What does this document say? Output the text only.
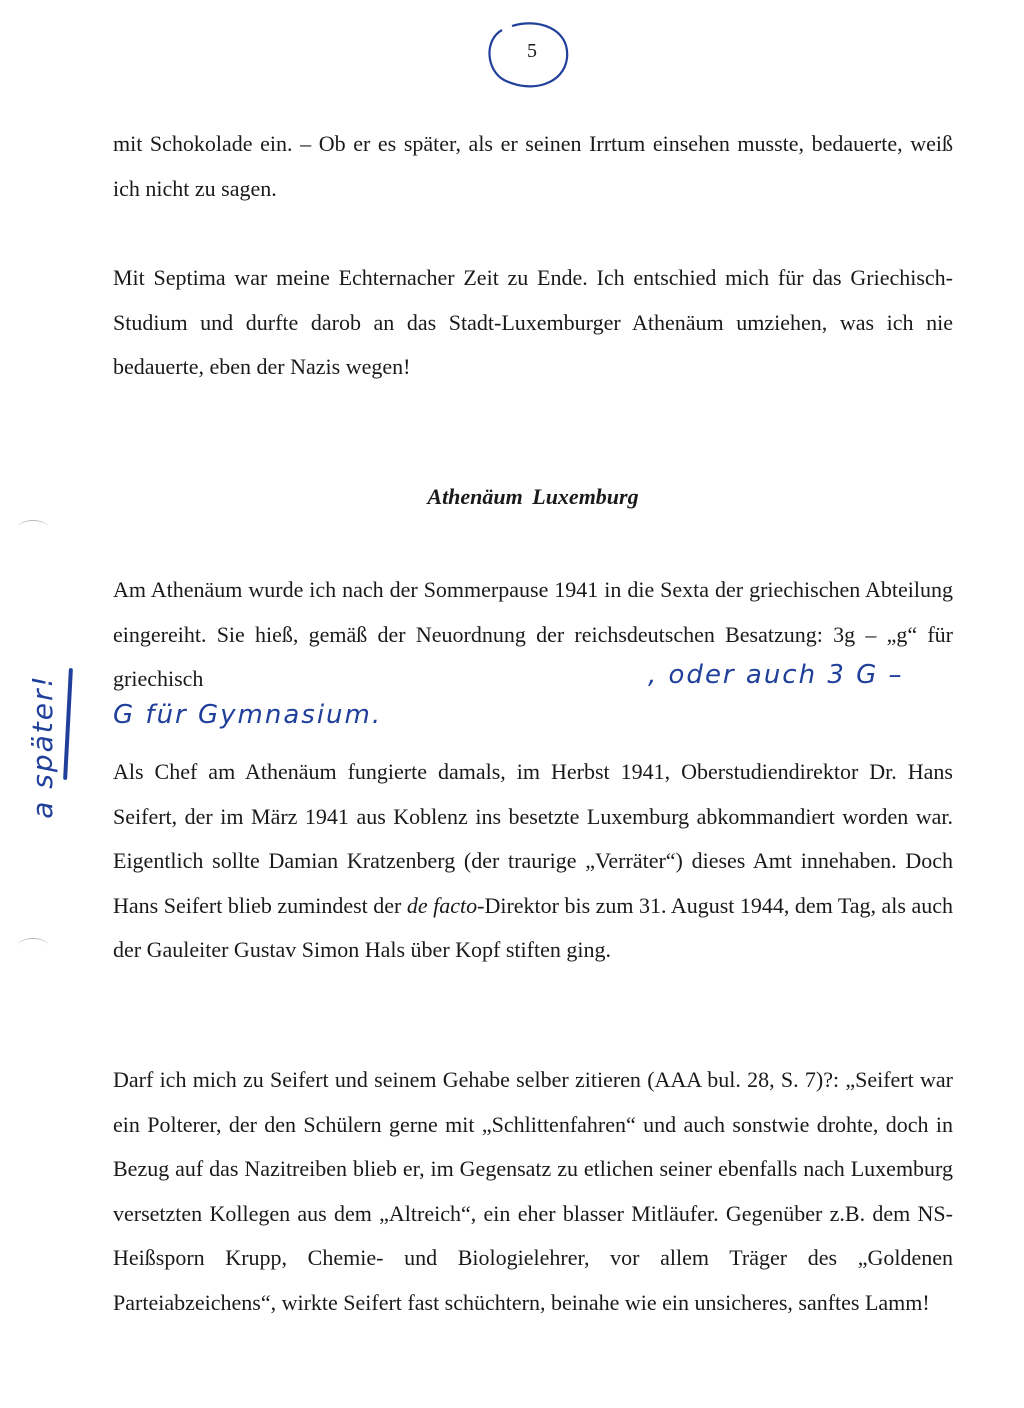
5

mit Schokolade ein. – Ob er es später, als er seinen Irrtum einsehen musste, bedauerte, weiß ich nicht zu sagen.

Mit Septima war meine Echternacher Zeit zu Ende. Ich entschied mich für das Griechisch-Studium und durfte darob an das Stadt-Luxemburger Athenäum umziehen, was ich nie bedauerte, eben der Nazis wegen!

Athenäum Luxemburg

Am Athenäum wurde ich nach der Sommerpause 1941 in die Sexta der griechischen Abteilung eingereiht. Sie hieß, gemäß der Neuordnung der reichsdeutschen Besatzung: 3g – „g“ für griechisch	, oder auch 3 G –
G für Gymnasium.
a später! Als Chef am Athenäum fungierte damals, im Herbst 1941, Oberstudiendirektor Dr. Hans Seifert, der im März 1941 aus Koblenz ins besetzte Luxemburg abkommandiert worden war. Eigentlich sollte Damian Kratzenberg (der traurige „Verräter“) dieses Amt innehaben. Doch Hans Seifert blieb zumindest der de facto-Direktor bis zum 31. August 1944, dem Tag, als auch der Gauleiter Gustav Simon Hals über Kopf stiften ging.

Darf ich mich zu Seifert und seinem Gehabe selber zitieren (AAA bul. 28, S. 7)?: „Seifert war ein Polterer, der den Schülern gerne mit „Schlittenfahren“ und auch sonstwie drohte, doch in Bezug auf das Nazitreiben blieb er, im Gegensatz zu etlichen seiner ebenfalls nach Luxemburg versetzten Kollegen aus dem „Altreich“, ein eher blasser Mitläufer. Gegenüber z.B. dem NS-Heißsporn Krupp, Chemie- und Biologielehrer, vor allem Träger des „Goldenen Parteiabzeichens“, wirkte Seifert fast schüchtern, beinahe wie ein unsicheres, sanftes Lamm!
